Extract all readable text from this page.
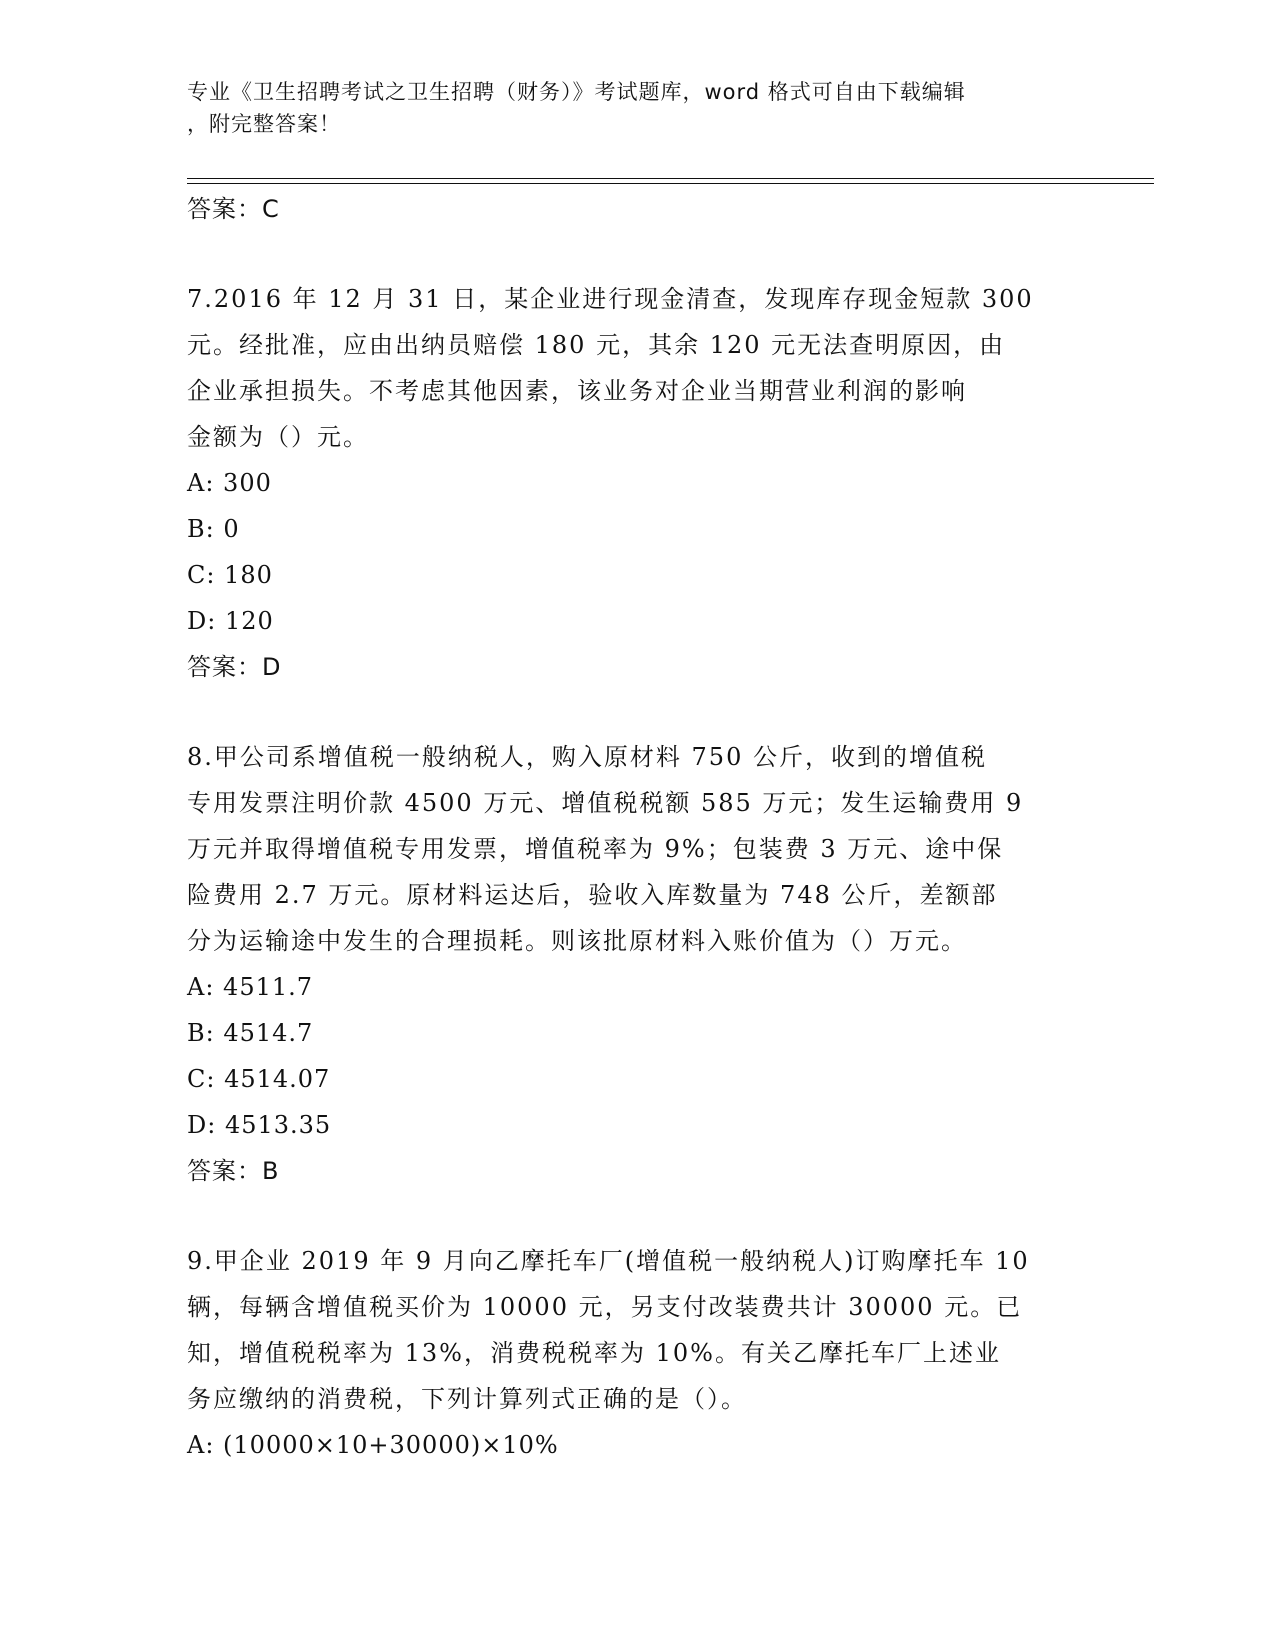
专业《卫生招聘考试之卫生招聘（财务）》考试题库，word 格式可自由下载编辑
，附完整答案！
答案：C
7.2016 年 12 月 31 日，某企业进行现金清查，发现库存现金短款 300
元。经批准，应由出纳员赔偿 180 元，其余 120 元无法查明原因，由
企业承担损失。不考虑其他因素，该业务对企业当期营业利润的影响
金额为（）元。
A: 300
B: 0
C: 180
D: 120
答案：D
8.甲公司系增值税一般纳税人，购入原材料 750 公斤，收到的增值税
专用发票注明价款 4500 万元、增值税税额 585 万元；发生运输费用 9
万元并取得增值税专用发票，增值税率为 9%；包装费 3 万元、途中保
险费用 2.7 万元。原材料运达后，验收入库数量为 748 公斤，差额部
分为运输途中发生的合理损耗。则该批原材料入账价值为（）万元。
A: 4511.7
B: 4514.7
C: 4514.07
D: 4513.35
答案：B
9.甲企业 2019 年 9 月向乙摩托车厂(增值税一般纳税人)订购摩托车 10
辆，每辆含增值税买价为 10000 元，另支付改装费共计 30000 元。已
知，增值税税率为 13%，消费税税率为 10%。有关乙摩托车厂上述业
务应缴纳的消费税，下列计算列式正确的是（）。
A: (10000×10+30000)×10%
